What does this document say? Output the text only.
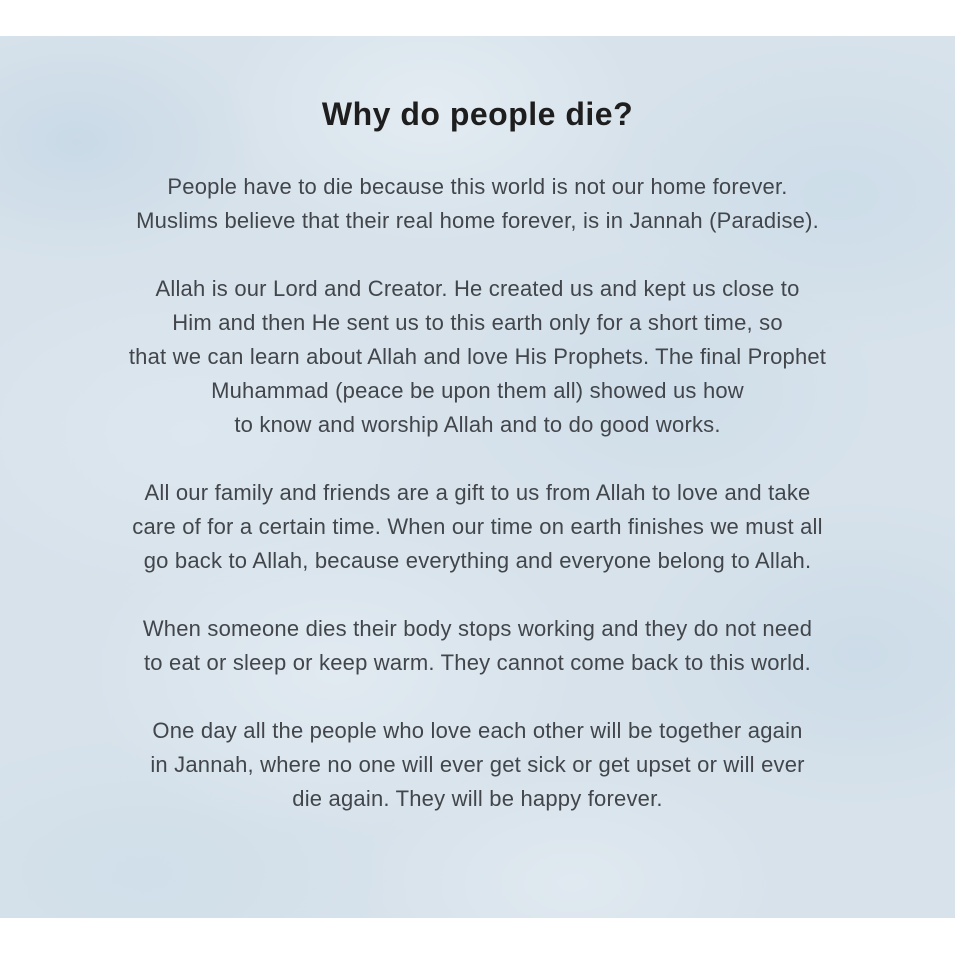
Why do people die?
People have to die because this world is not our home forever.
Muslims believe that their real home forever, is in Jannah (Paradise).
Allah is our Lord and Creator. He created us and kept us close to
Him and then He sent us to this earth only for a short time, so
that we can learn about Allah and love His Prophets. The final Prophet
Muhammad (peace be upon them all) showed us how
to know and worship Allah and to do good works.
All our family and friends are a gift to us from Allah to love and take
care of for a certain time. When our time on earth finishes we must all
go back to Allah, because everything and everyone belong to Allah.
When someone dies their body stops working and they do not need
to eat or sleep or keep warm. They cannot come back to this world.
One day all the people who love each other will be together again
in Jannah, where no one will ever get sick or get upset or will ever
die again. They will be happy forever.
